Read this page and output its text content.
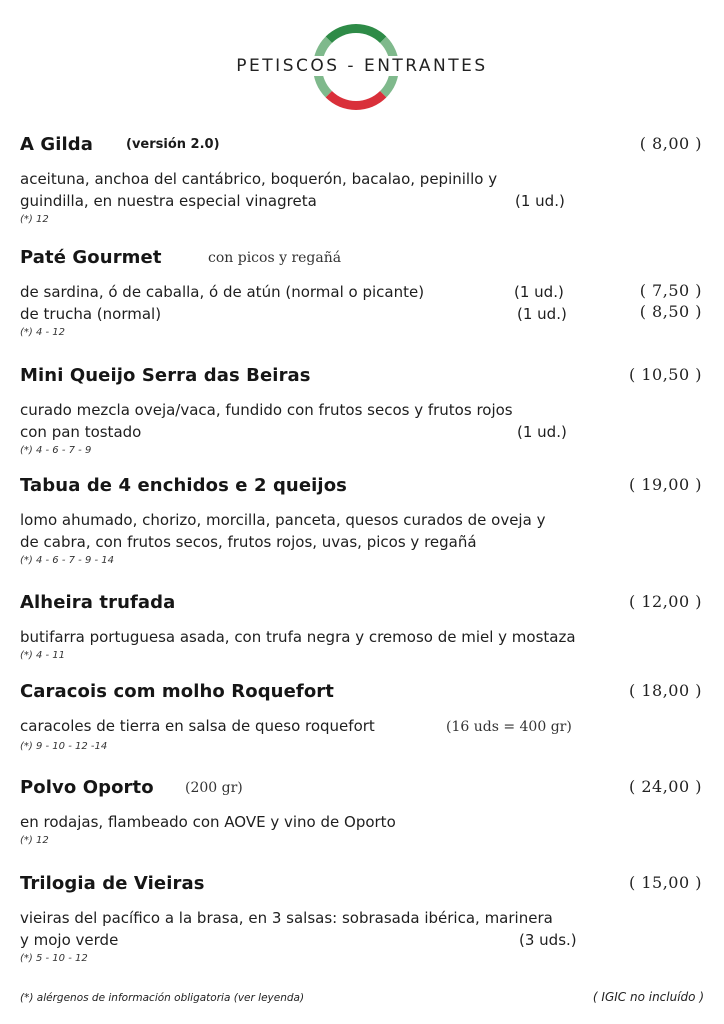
PETISCOS - ENTRANTES
A Gilda	(versión 2.0)	( 8,00 )
aceituna, anchoa del cantábrico, boquerón, bacalao, pepinillo y
guindilla, en nuestra especial vinagreta	(1 ud.)
(*) 12
Paté Gourmet	con picos y regañá
de sardina, ó de caballa, ó de atún (normal o picante)	(1 ud.)	( 7,50 )
de trucha (normal)	(1 ud.)	( 8,50 )
(*) 4 - 12
Mini Queijo Serra das Beiras	( 10,50 )
curado mezcla oveja/vaca, fundido con frutos secos y frutos rojos
con pan tostado	(1 ud.)
(*) 4 - 6 - 7 - 9
Tabua de 4 enchidos e 2 queijos	( 19,00 )
lomo ahumado, chorizo, morcilla, panceta, quesos curados de oveja y
de cabra, con frutos secos, frutos rojos, uvas, picos y regañá
(*) 4 - 6 - 7 - 9 - 14
Alheira trufada	( 12,00 )
butifarra portuguesa asada, con trufa negra y cremoso de miel y mostaza
(*) 4 - 11
Caracois com molho Roquefort	( 18,00 )
caracoles de tierra en salsa de queso roquefort	(16 uds = 400 gr)
(*) 9 - 10 - 12 -14
Polvo Oporto (200 gr)	( 24,00 )
en rodajas, flambeado con AOVE y vino de Oporto
(*) 12
Trilogia de Vieiras	( 15,00 )
vieiras del pacífico a la brasa, en 3 salsas: sobrasada ibérica, marinera
y mojo verde	(3 uds.)
(*) 5 - 10 - 12
(*) alérgenos de información obligatoria (ver leyenda)	( IGIC no incluído )
